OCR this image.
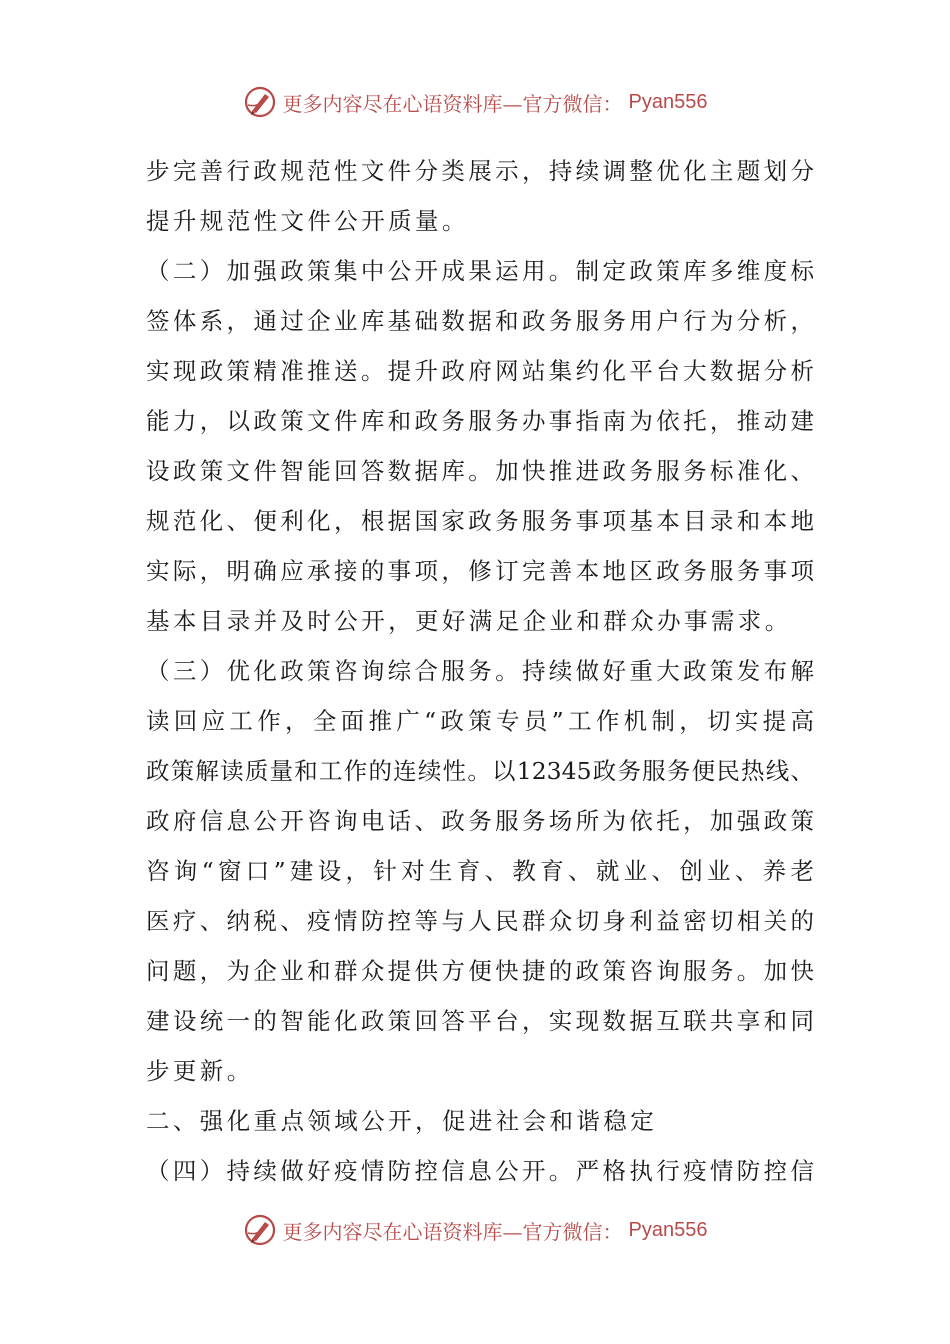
更多内容尽在心语资料库—官方微信： Pyan556
步完善行政规范性文件分类展示，持续调整优化主题划分
提升规范性文件公开质量。
（二）加强政策集中公开成果运用。制定政策库多维度标
签体系，通过企业库基础数据和政务服务用户行为分析，
实现政策精准推送。提升政府网站集约化平台大数据分析
能力，以政策文件库和政务服务办事指南为依托，推动建
设政策文件智能回答数据库。加快推进政务服务标准化、
规范化、便利化，根据国家政务服务事项基本目录和本地
实际，明确应承接的事项，修订完善本地区政务服务事项
基本目录并及时公开，更好满足企业和群众办事需求。
（三）优化政策咨询综合服务。持续做好重大政策发布解
读回应工作，全面推广“政策专员”工作机制，切实提高
政策解读质量和工作的连续性。以12345政务服务便民热线、
政府信息公开咨询电话、政务服务场所为依托，加强政策
咨询“窗口”建设，针对生育、教育、就业、创业、养老
医疗、纳税、疫情防控等与人民群众切身利益密切相关的
问题，为企业和群众提供方便快捷的政策咨询服务。加快
建设统一的智能化政策回答平台，实现数据互联共享和同
步更新。
二、强化重点领域公开，促进社会和谐稳定
（四）持续做好疫情防控信息公开。严格执行疫情防控信
更多内容尽在心语资料库—官方微信： Pyan556
